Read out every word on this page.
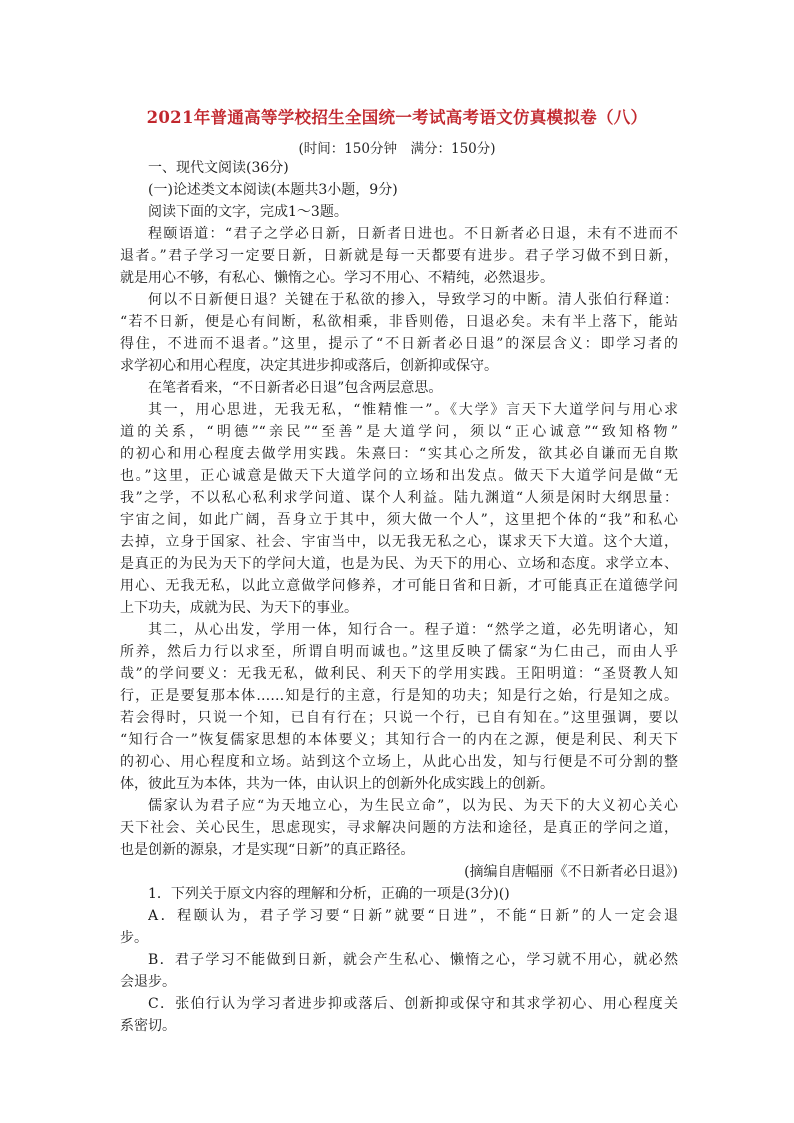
2021年普通高等学校招生全国统一考试高考语文仿真模拟卷（八）
(时间：150分钟　满分：150分)
一、现代文阅读(36分)
(一)论述类文本阅读(本题共3小题，9分)
阅读下面的文字，完成1～3题。
程颐语道：“君子之学必日新，日新者日进也。不日新者必日退，未有不进而不
退者。”君子学习一定要日新，日新就是每一天都要有进步。君子学习做不到日新，
就是用心不够，有私心、懒惰之心。学习不用心、不精纯，必然退步。
何以不日新便日退？关键在于私欲的掺入，导致学习的中断。清人张伯行释道：
“若不日新，便是心有间断，私欲相乘，非昏则倦，日退必矣。未有半上落下，能站
得住，不进而不退者。”这里，提示了“不日新者必日退”的深层含义：即学习者的
求学初心和用心程度，决定其进步抑或落后，创新抑或保守。
在笔者看来，“不日新者必日退”包含两层意思。
其一，用心思进，无我无私，“惟精惟一”。《大学》言天下大道学问与用心求
道的关系，“明德”“亲民”“至善”是大道学问，须以“正心诚意”“致知格物”
的初心和用心程度去做学用实践。朱熹曰：“实其心之所发，欲其必自谦而无自欺
也。”这里，正心诚意是做天下大道学问的立场和出发点。做天下大道学问是做“无
我”之学，不以私心私利求学问道、谋个人利益。陆九渊道“人须是闲时大纲思量：
宇宙之间，如此广阔，吾身立于其中，须大做一个人”，这里把个体的“我”和私心
去掉，立身于国家、社会、宇宙当中，以无我无私之心，谋求天下大道。这个大道，
是真正的为民为天下的学问大道，也是为民、为天下的用心、立场和态度。求学立本、
用心、无我无私，以此立意做学问修养，才可能日省和日新，才可能真正在道德学问
上下功夫，成就为民、为天下的事业。
其二，从心出发，学用一体，知行合一。程子道：“然学之道，必先明诸心，知
所养，然后力行以求至，所谓自明而诚也。”这里反映了儒家“为仁由己，而由人乎
哉”的学问要义：无我无私，做利民、利天下的学用实践。王阳明道：“圣贤教人知
行，正是要复那本体……知是行的主意，行是知的功夫；知是行之始，行是知之成。
若会得时，只说一个知，已自有行在；只说一个行，已自有知在。”这里强调，要以
“知行合一”恢复儒家思想的本体要义；其知行合一的内在之源，便是利民、利天下
的初心、用心程度和立场。站到这个立场上，从此心出发，知与行便是不可分割的整
体，彼此互为本体，共为一体，由认识上的创新外化成实践上的创新。
儒家认为君子应“为天地立心，为生民立命”，以为民、为天下的大义初心关心
天下社会、关心民生，思虑现实，寻求解决问题的方法和途径，是真正的学问之道，
也是创新的源泉，才是实现“日新”的真正路径。
(摘编自唐幅丽《不日新者必日退》)
1．下列关于原文内容的理解和分析，正确的一项是(3分)()
A．程颐认为，君子学习要“日新”就要“日进”，不能“日新”的人一定会退
步。
B．君子学习不能做到日新，就会产生私心、懒惰之心，学习就不用心，就必然
会退步。
C．张伯行认为学习者进步抑或落后、创新抑或保守和其求学初心、用心程度关
系密切。
